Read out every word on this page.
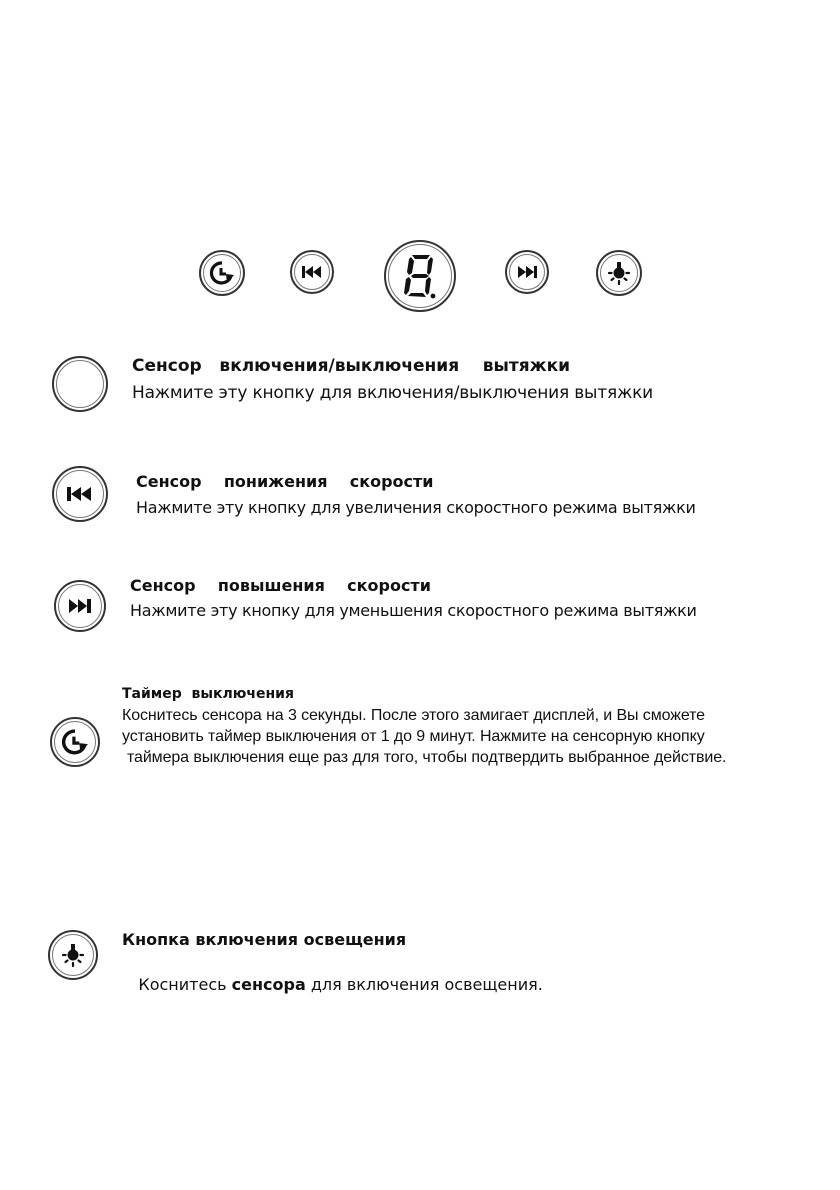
Сенсор   включения/выключения    вытяжки
Нажмите эту кнопку для включения/выключения вытяжки
Сенсор    понижения    скорости
Нажмите эту кнопку для увеличения скоростного режима вытяжки
Сенсор    повышения    скорости
Нажмите эту кнопку для уменьшения скоростного режима вытяжки
Таймер  выключения
Коснитесь сенсора на 3 секунды. После этого замигает дисплей, и Вы сможете
установить таймер выключения от 1 до 9 минут. Нажмите на сенсорную кнопку
таймера выключения еще раз для того, чтобы подтвердить выбранное действие.
Кнопка включения освещения

Коснитесь сенсора для включения освещения.
